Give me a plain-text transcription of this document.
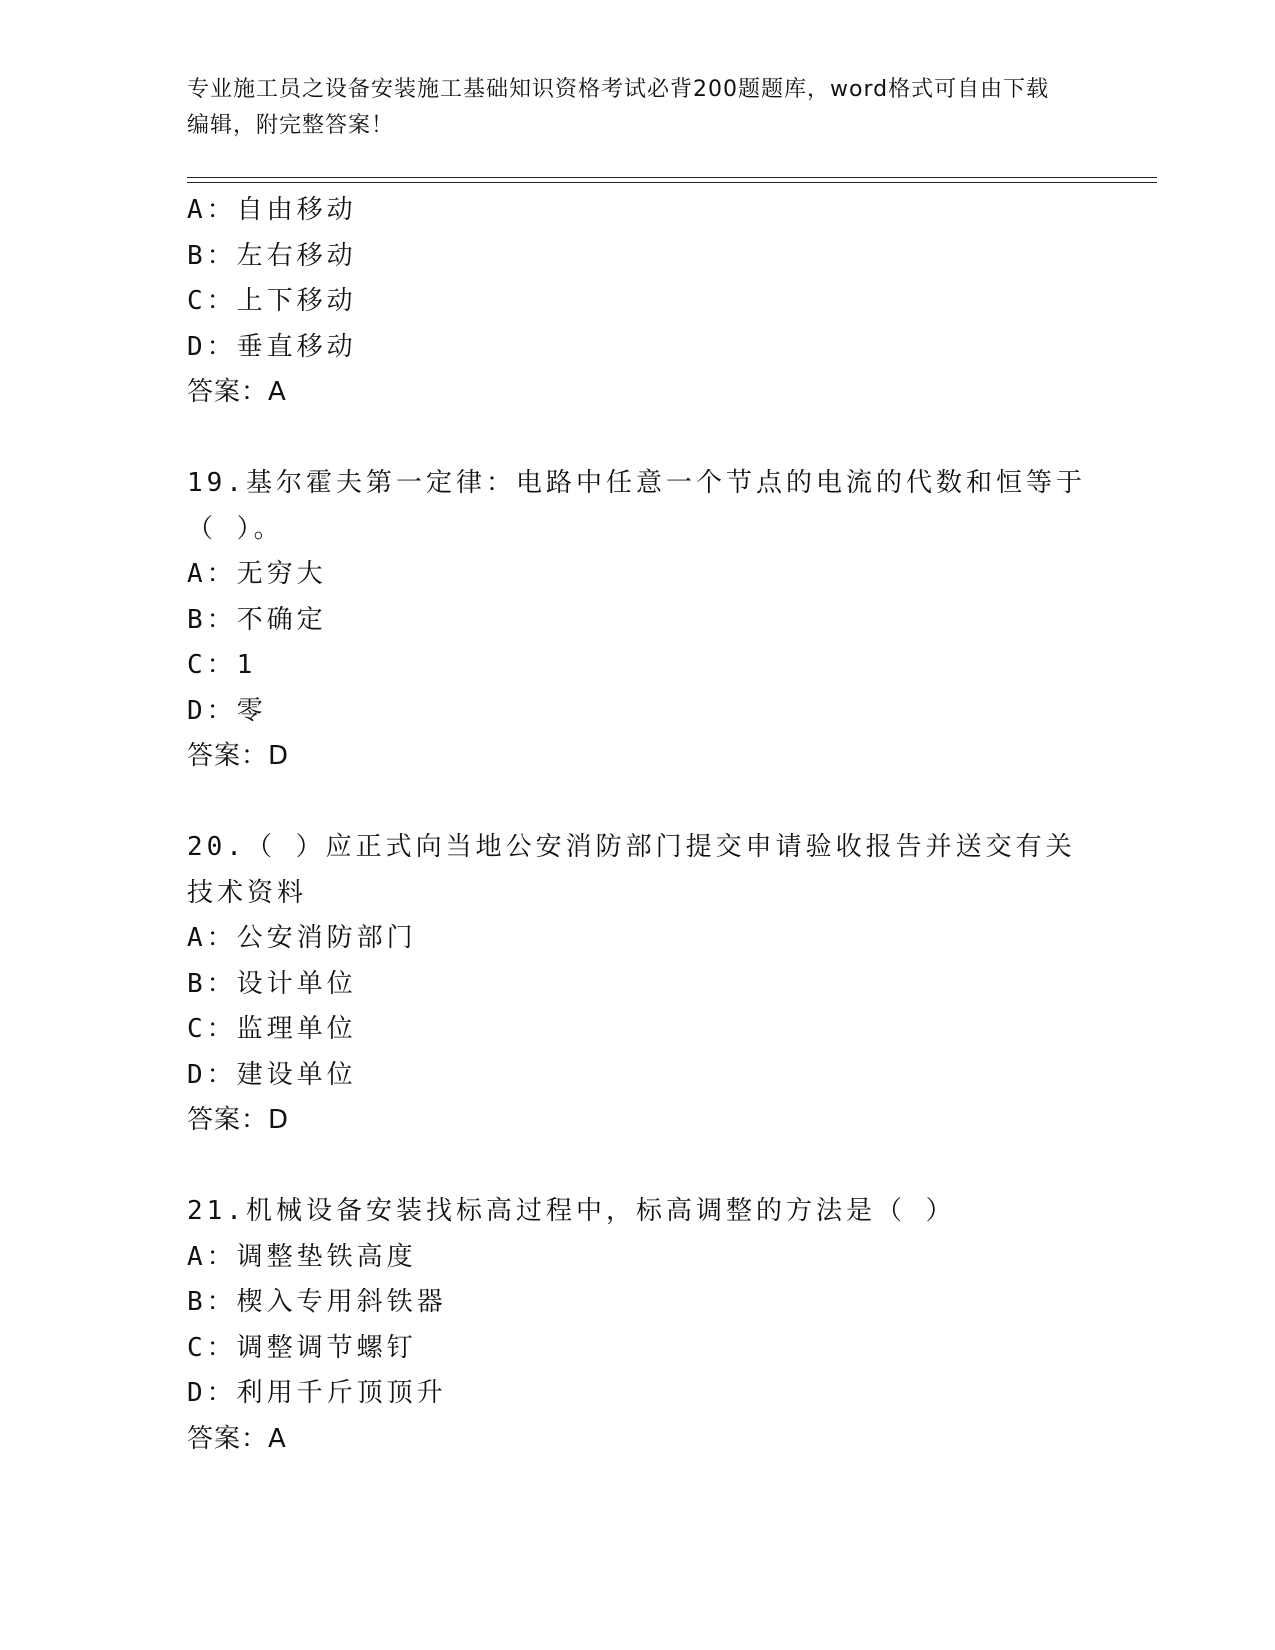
专业施工员之设备安装施工基础知识资格考试必背200题题库，word格式可自由下载编辑，附完整答案！
A：自由移动
B：左右移动
C：上下移动
D：垂直移动
答案：A
19.基尔霍夫第一定律：电路中任意一个节点的电流的代数和恒等于（ ）。
A：无穷大
B：不确定
C：1
D：零
答案：D
20.（ ）应正式向当地公安消防部门提交申请验收报告并送交有关技术资料
A：公安消防部门
B：设计单位
C：监理单位
D：建设单位
答案：D
21.机械设备安装找标高过程中，标高调整的方法是（ ）
A：调整垫铁高度
B：楔入专用斜铁器
C：调整调节螺钉
D：利用千斤顶顶升
答案：A
